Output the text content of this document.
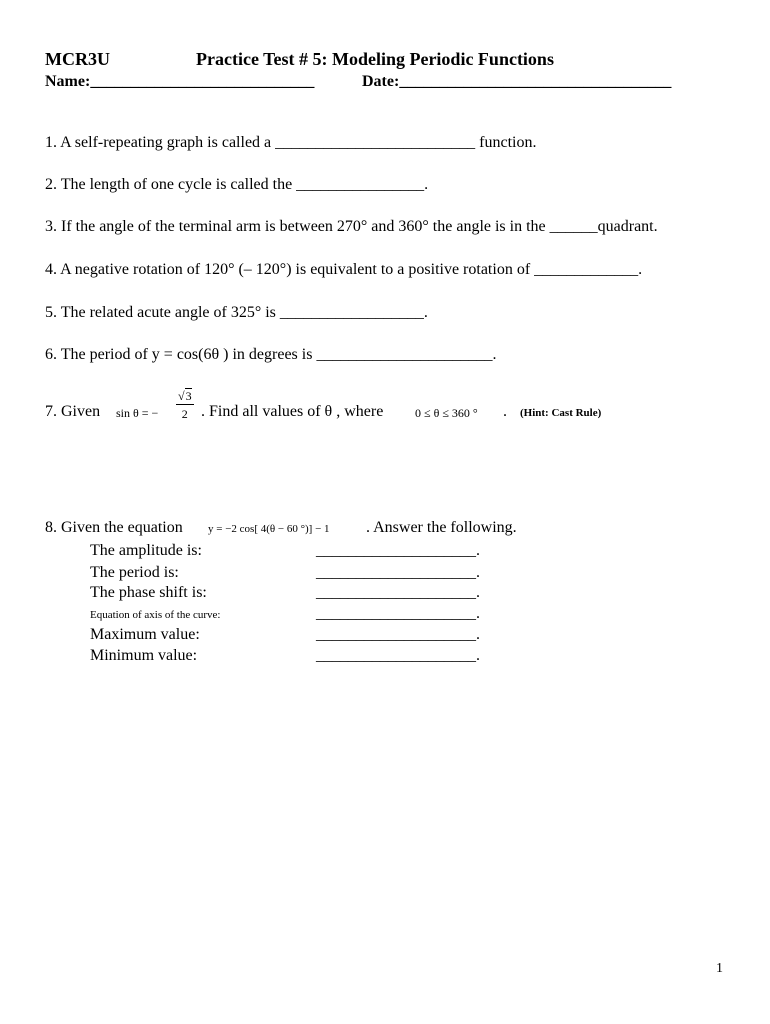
MCR3U	Practice Test # 5: Modeling Periodic Functions
Name:____________________________	Date:__________________________________
1. A self-repeating graph is called a _________________________ function.
2. The length of one cycle is called the ________________.
3. If the angle of the terminal arm is between 270° and 360° the angle is in the ______quadrant.
4. A negative rotation of 120° (– 120°) is equivalent to a positive rotation of _____________.
5. The related acute angle of 325° is __________________.
6. The period of y = cos(6θ ) in degrees is ______________________.
7. Given sin θ = − $\frac{√3}{2}$ . Find all values of θ , where	0 ≤ θ ≤ 360 ° . (Hint: Cast Rule)
8. Given the equation y = −2 cos[ 4(θ − 60 °)] − 1 . Answer the following.
The amplitude is:	____________________.
The period is:	____________________.
The phase shift is:	____________________.
Equation of axis of the curve:	____________________.
Maximum value:	____________________.
Minimum value:	____________________.
1
